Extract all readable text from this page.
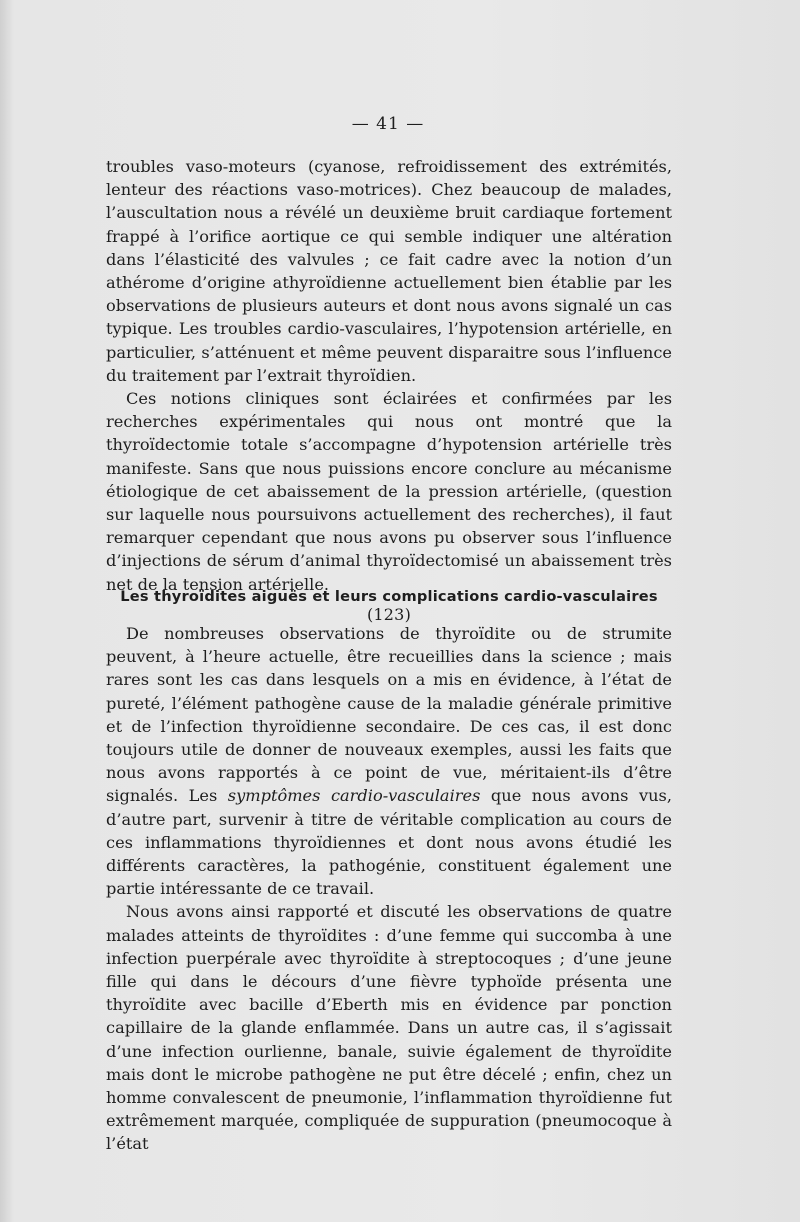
— 41 —

troubles vaso-moteurs (cyanose, refroidissement des extrémités, lenteur des réactions vaso-motrices). Chez beaucoup de malades, l’auscultation nous a révélé un deuxième bruit cardiaque fortement frappé à l’orifice aortique ce qui semble indiquer une altération dans l’élasticité des valvules ; ce fait cadre avec la notion d’un athérome d’origine athyroïdienne actuellement bien établie par les observations de plusieurs auteurs et dont nous avons signalé un cas typique. Les troubles cardio-vasculaires, l’hypotension artérielle, en particulier, s’atténuent et même peuvent disparaitre sous l’influence du traitement par l’extrait thyroïdien.

Ces notions cliniques sont éclairées et confirmées par les recherches expérimentales qui nous ont montré que la thyroïdectomie totale s’accompagne d’hypotension artérielle très manifeste. Sans que nous puissions encore conclure au mécanisme étiologique de cet abaissement de la pression artérielle, (question sur laquelle nous poursuivons actuellement des recherches), il faut remarquer cependant que nous avons pu observer sous l’influence d’injections de sérum d’animal thyroïdectomisé un abaissement très net de la tension artérielle.

Les thyroïdites aiguës et leurs complications cardio-vasculaires (123)

De nombreuses observations de thyroïdite ou de strumite peuvent, à l’heure actuelle, être recueillies dans la science ; mais rares sont les cas dans lesquels on a mis en évidence, à l’état de pureté, l’élément pathogène cause de la maladie générale primitive et de l’infection thyroïdienne secondaire. De ces cas, il est donc toujours utile de donner de nouveaux exemples, aussi les faits que nous avons rapportés à ce point de vue, méritaient-ils d’être signalés. Les symptômes cardio-vasculaires que nous avons vus, d’autre part, survenir à titre de véritable complication au cours de ces inflammations thyroïdiennes et dont nous avons étudié les différents caractères, la pathogénie, constituent également une partie intéressante de ce travail.

Nous avons ainsi rapporté et discuté les observations de quatre malades atteints de thyroïdites : d’une femme qui succomba à une infection puerpérale avec thyroïdite à streptocoques ; d’une jeune fille qui dans le décours d’une fièvre typhoïde présenta une thyroïdite avec bacille d’Eberth mis en évidence par ponction capillaire de la glande enflammée. Dans un autre cas, il s’agissait d’une infection ourlienne, banale, suivie également de thyroïdite mais dont le microbe pathogène ne put être décelé ; enfin, chez un homme convalescent de pneumonie, l’inflammation thyroïdienne fut extrêmement marquée, compliquée de suppuration (pneumocoque à l’état
